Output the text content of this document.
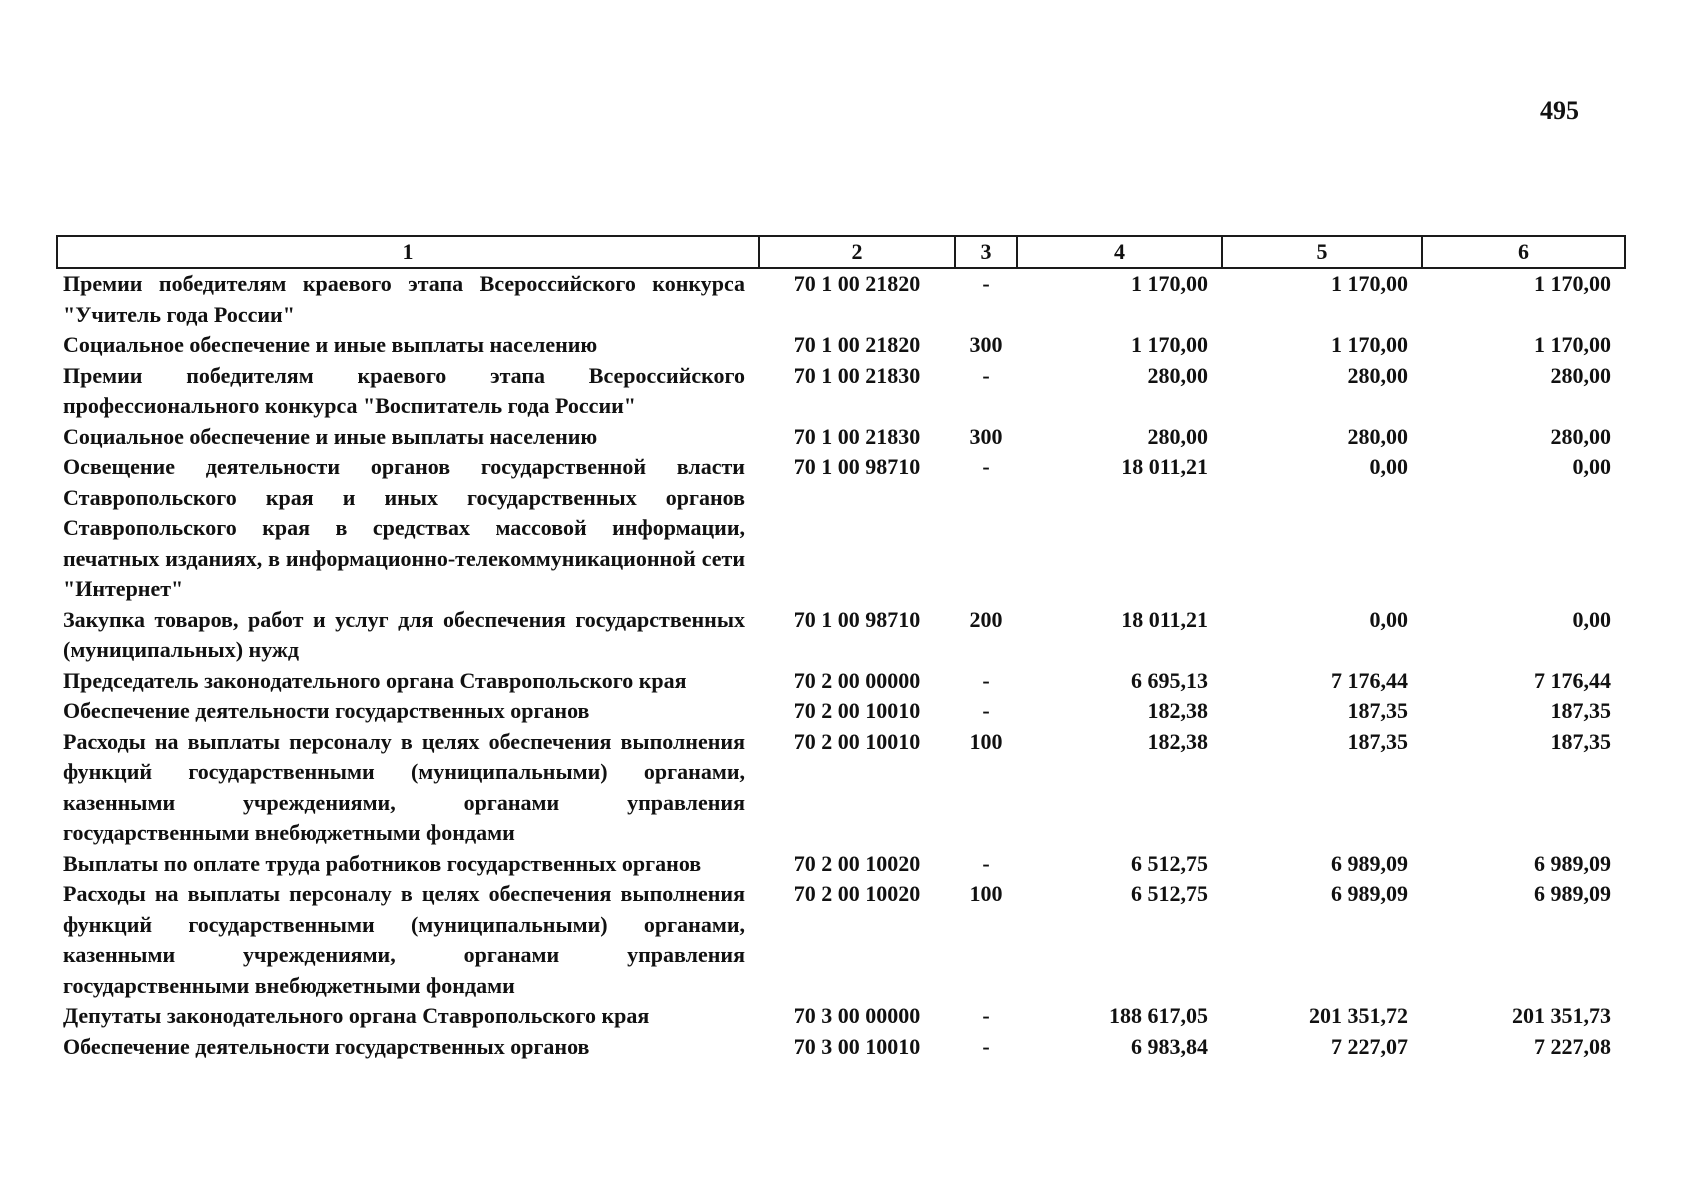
495
1	2	3	4	5	6
Премии победителям краевого этапа Всероссийского конкурса "Учитель года России"	70 1 00 21820	-	1 170,00	1 170,00	1 170,00
Социальное обеспечение и иные выплаты населению	70 1 00 21820	300	1 170,00	1 170,00	1 170,00
Премии победителям краевого этапа Всероссийского профессионального конкурса "Воспитатель года России"	70 1 00 21830	-	280,00	280,00	280,00
Социальное обеспечение и иные выплаты населению	70 1 00 21830	300	280,00	280,00	280,00
Освещение деятельности органов государственной власти Ставропольского края и иных государственных органов Ставропольского края в средствах массовой информации, печатных изданиях, в информационно-телекоммуникационной сети "Интернет"	70 1 00 98710	-	18 011,21	0,00	0,00
Закупка товаров, работ и услуг для обеспечения государственных (муниципальных) нужд	70 1 00 98710	200	18 011,21	0,00	0,00
Председатель законодательного органа Ставропольского края	70 2 00 00000	-	6 695,13	7 176,44	7 176,44
Обеспечение деятельности государственных органов	70 2 00 10010	-	182,38	187,35	187,35
Расходы на выплаты персоналу в целях обеспечения выполнения функций государственными (муниципальными) органами, казенными учреждениями, органами управления государственными внебюджетными фондами	70 2 00 10010	100	182,38	187,35	187,35
Выплаты по оплате труда работников государственных органов	70 2 00 10020	-	6 512,75	6 989,09	6 989,09
Расходы на выплаты персоналу в целях обеспечения выполнения функций государственными (муниципальными) органами, казенными учреждениями, органами управления государственными внебюджетными фондами	70 2 00 10020	100	6 512,75	6 989,09	6 989,09
Депутаты законодательного органа Ставропольского края	70 3 00 00000	-	188 617,05	201 351,72	201 351,73
Обеспечение деятельности государственных органов	70 3 00 10010	-	6 983,84	7 227,07	7 227,08
